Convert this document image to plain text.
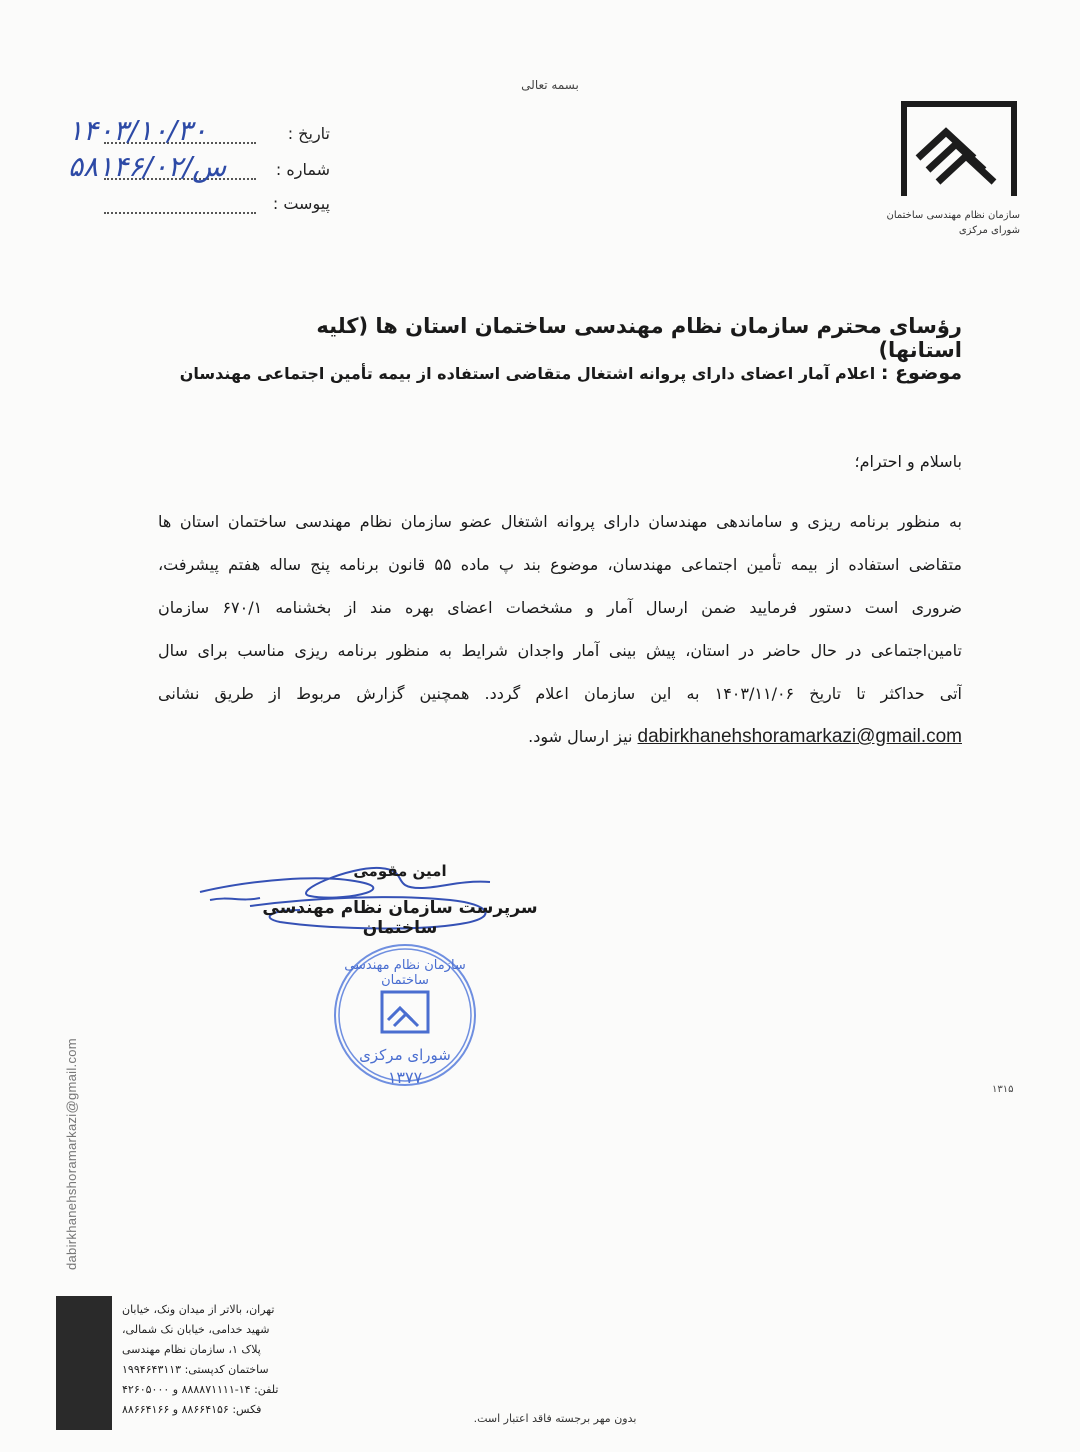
بسمه تعالی
سازمان نظام مهندسی ساختمان
شورای مرکزی
تاریخ :
۱۴۰۳/۱۰/۳۰
شماره :
۵۸۱۴۶/س/۰۲
پیوست :
رؤسای محترم سازمان نظام مهندسی ساختمان استان ها (کلیه استانها)
موضوع : اعلام آمار اعضای دارای پروانه اشتغال متقاضی استفاده از بیمه تأمین اجتماعی مهندسان
باسلام و احترام؛
به منظور برنامه ریزی و ساماندهی مهندسان دارای پروانه اشتغال عضو سازمان نظام مهندسی ساختمان استان ها
متقاضی استفاده از بیمه تأمین اجتماعی مهندسان، موضوع بند پ ماده ۵۵ قانون برنامه پنج ساله هفتم پیشرفت،
ضروری است دستور فرمایید ضمن ارسال آمار و مشخصات اعضای بهره مند از بخشنامه ۶۷۰/۱ سازمان
تامین‌اجتماعی در حال حاضر در استان، پیش بینی آمار واجدان شرایط به منظور برنامه ریزی مناسب برای سال
آتی حداکثر تا تاریخ ۱۴۰۳/۱۱/۰۶ به این سازمان اعلام گردد. همچنین گزارش مربوط از طریق نشانی
dabirkhanehshoramarkazi@gmail.com نیز ارسال شود.
امین مقومی
سرپرست سازمان نظام مهندسی ساختمان
سازمان نظام مهندسی ساختمان
شورای مرکزی
۱۳۷۷
۱۳۱۵
dabirkhanehshoramarkazi@gmail.com
تهران، بالاتر از میدان ونک، خیابان
شهید خدامی، خیابان نک شمالی،
پلاک ۱، سازمان نظام مهندسی
ساختمان کدپستی: ۱۹۹۴۶۴۳۱۱۳
تلفن: ۱۴-۸۸۸۸۷۱۱۱۱ و ۴۲۶۰۵۰۰۰
فکس: ۸۸۶۶۴۱۵۶ و ۸۸۶۶۴۱۶۶
بدون مهر برجسته فاقد اعتبار است.
